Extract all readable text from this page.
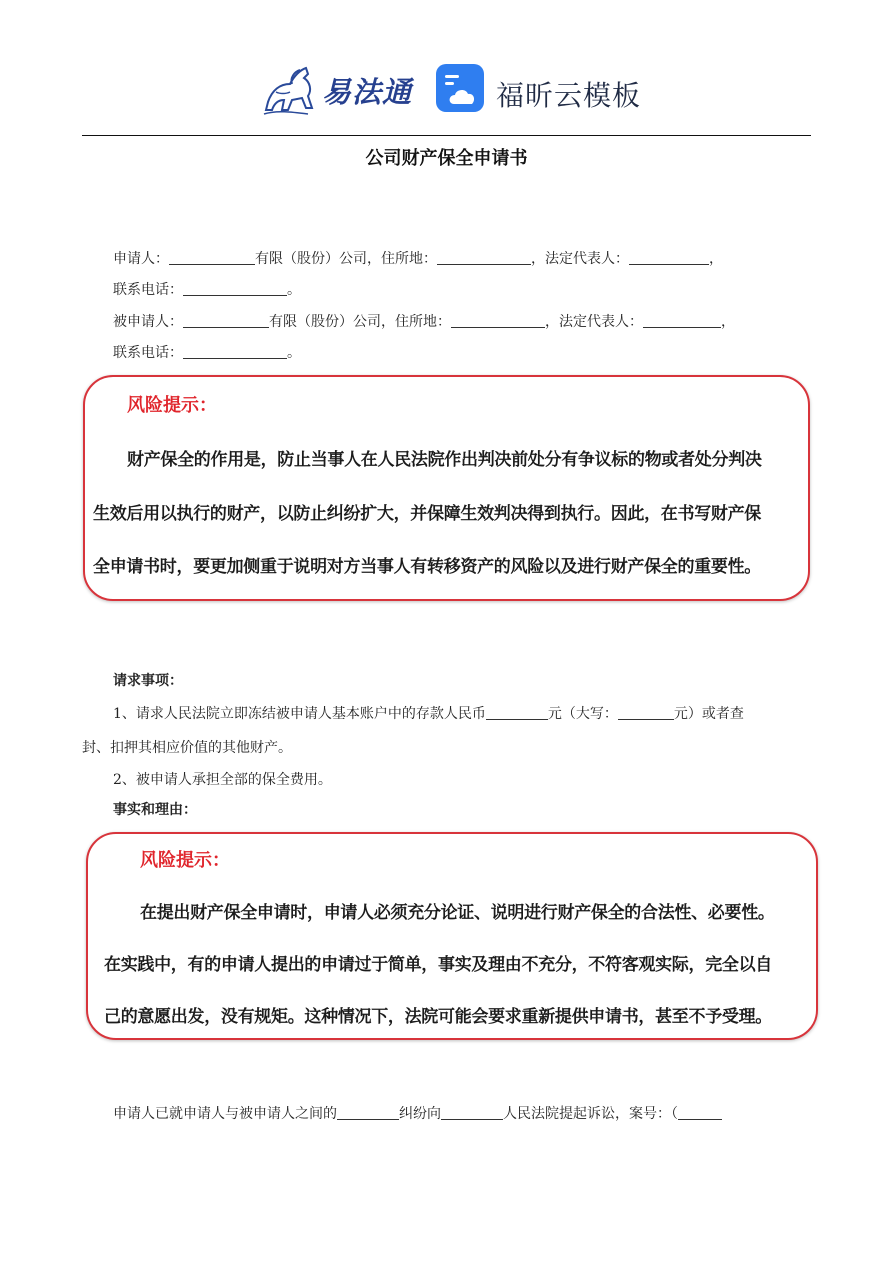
易法通	福昕云模板
公司财产保全申请书
申请人：	有限（股份）公司，住所地：	，法定代表人：	，
联系电话：	。
被申请人：	有限（股份）公司，住所地：	，法定代表人：	，
联系电话：	。
风险提示：
财产保全的作用是，防止当事人在人民法院作出判决前处分有争议标的物或者处分判决
生效后用以执行的财产，以防止纠纷扩大，并保障生效判决得到执行。因此，在书写财产保
全申请书时，要更加侧重于说明对方当事人有转移资产的风险以及进行财产保全的重要性。
请求事项：
1、请求人民法院立即冻结被申请人基本账户中的存款人民币	元（大写：	元）或者查
封、扣押其相应价值的其他财产。
2、被申请人承担全部的保全费用。
事实和理由：
风险提示：
在提出财产保全申请时，申请人必须充分论证、说明进行财产保全的合法性、必要性。
在实践中，有的申请人提出的申请过于简单，事实及理由不充分，不符客观实际，完全以自
己的意愿出发，没有规矩。这种情况下，法院可能会要求重新提供申请书，甚至不予受理。
申请人已就申请人与被申请人之间的	纠纷向	人民法院提起诉讼，案号：（
